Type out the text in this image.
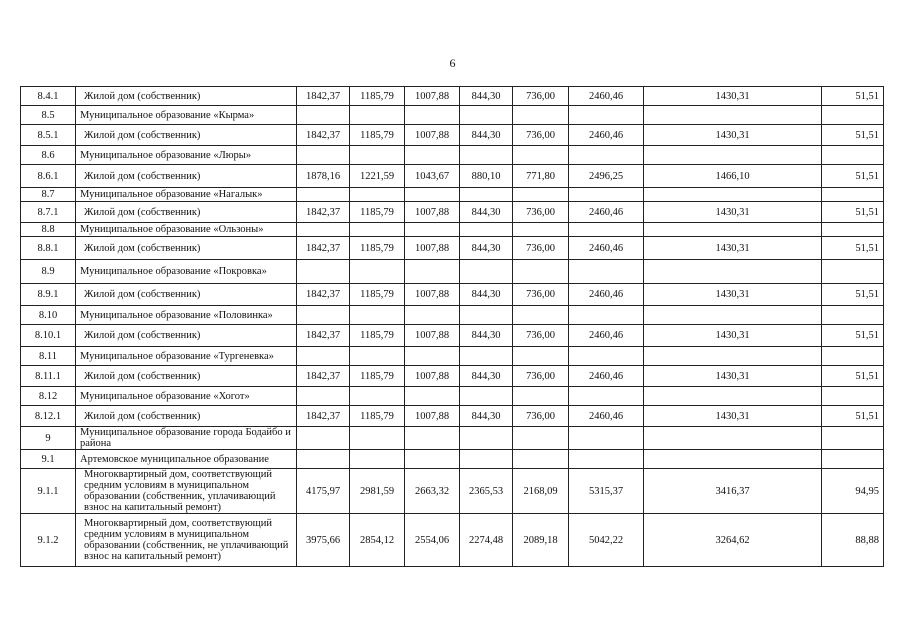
6
8.4.1	Жилой дом (собственник)	1842,37	1185,79	1007,88	844,30	736,00	2460,46	1430,31	51,51
8.5	Муниципальное образование «Кырма»								
8.5.1	Жилой дом (собственник)	1842,37	1185,79	1007,88	844,30	736,00	2460,46	1430,31	51,51
8.6	Муниципальное образование «Люры»								
8.6.1	Жилой дом (собственник)	1878,16	1221,59	1043,67	880,10	771,80	2496,25	1466,10	51,51
8.7	Муниципальное образование «Нагалык»								
8.7.1	Жилой дом (собственник)	1842,37	1185,79	1007,88	844,30	736,00	2460,46	1430,31	51,51
8.8	Муниципальное образование «Ользоны»								
8.8.1	Жилой дом (собственник)	1842,37	1185,79	1007,88	844,30	736,00	2460,46	1430,31	51,51
8.9	Муниципальное образование «Покровка»								
8.9.1	Жилой дом (собственник)	1842,37	1185,79	1007,88	844,30	736,00	2460,46	1430,31	51,51
8.10	Муниципальное образование «Половинка»								
8.10.1	Жилой дом (собственник)	1842,37	1185,79	1007,88	844,30	736,00	2460,46	1430,31	51,51
8.11	Муниципальное образование «Тургеневка»								
8.11.1	Жилой дом (собственник)	1842,37	1185,79	1007,88	844,30	736,00	2460,46	1430,31	51,51
8.12	Муниципальное образование «Хогот»								
8.12.1	Жилой дом (собственник)	1842,37	1185,79	1007,88	844,30	736,00	2460,46	1430,31	51,51
9	Муниципальное образование города Бодайбо и района								
9.1	Артемовское муниципальное образование								
9.1.1	Многоквартирный дом, соответствующий средним условиям в муниципальном образовании (собственник, уплачивающий взнос на капитальный ремонт)	4175,97	2981,59	2663,32	2365,53	2168,09	5315,37	3416,37	94,95
9.1.2	Многоквартирный дом, соответствующий средним условиям в муниципальном образовании (собственник, не уплачивающий взнос на капитальный ремонт)	3975,66	2854,12	2554,06	2274,48	2089,18	5042,22	3264,62	88,88
